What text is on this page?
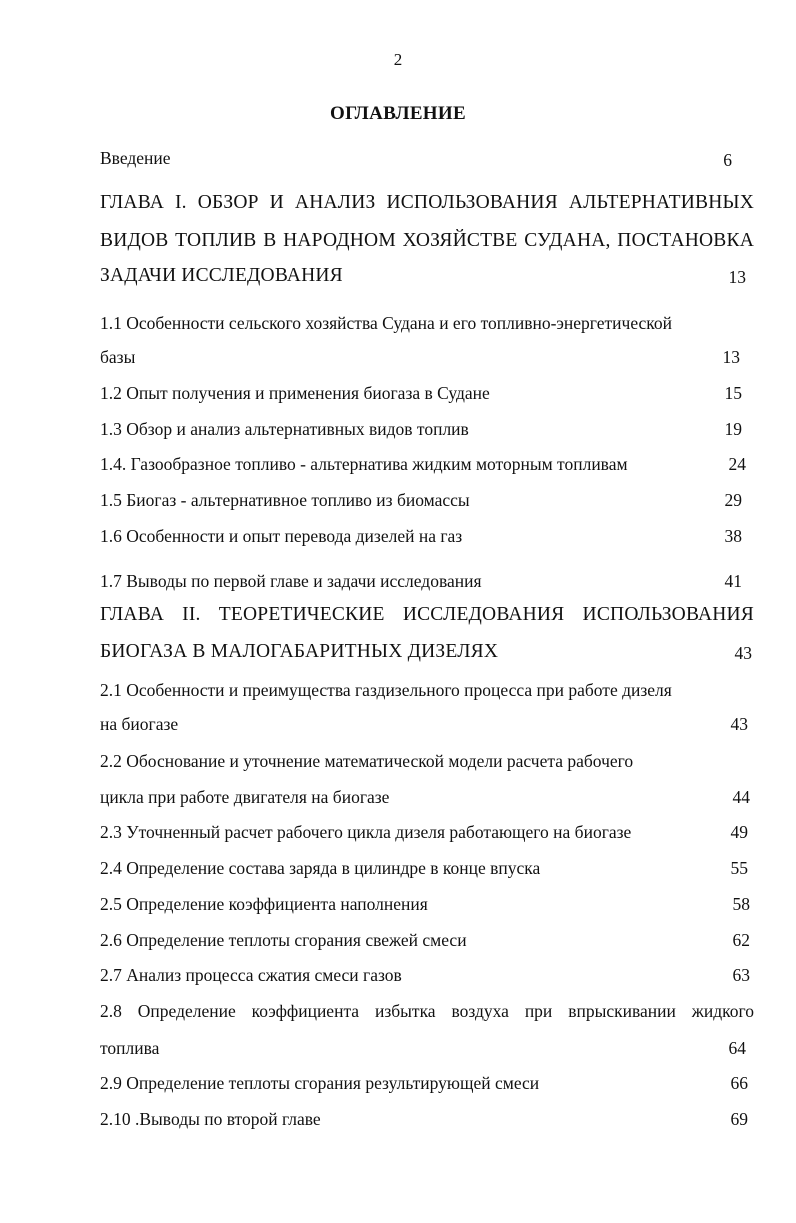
2
ОГЛАВЛЕНИЕ
Введение	6
ГЛАВА I. ОБЗОР И АНАЛИЗ ИСПОЛЬЗОВАНИЯ АЛЬТЕРНАТИВНЫХ
ВИДОВ ТОПЛИВ В НАРОДНОМ ХОЗЯЙСТВЕ СУДАНА, ПОСТАНОВКА
ЗАДАЧИ ИССЛЕДОВАНИЯ	13
1.1 Особенности сельского хозяйства Судана и его топливно-энергетической
базы	13
1.2 Опыт получения и применения биогаза в Судане	15
1.3 Обзор и анализ альтернативных видов топлив	19
1.4. Газообразное топливо - альтернатива жидким моторным топливам	24
1.5 Биогаз - альтернативное топливо из биомассы	29
1.6 Особенности и опыт перевода дизелей на газ	38
1.7 Выводы по первой главе и задачи исследования	41
ГЛАВА II. ТЕОРЕТИЧЕСКИЕ ИССЛЕДОВАНИЯ ИСПОЛЬЗОВАНИЯ
БИОГАЗА В МАЛОГАБАРИТНЫХ ДИЗЕЛЯХ	43
2.1 Особенности и преимущества газдизельного процесса при работе дизеля
на биогазе	43
2.2 Обоснование и уточнение математической модели расчета рабочего
цикла при работе двигателя на биогазе	44
2.3 Уточненный расчет рабочего цикла дизеля работающего на биогазе	49
2.4 Определение состава заряда в цилиндре в конце впуска	55
2.5 Определение коэффициента наполнения	58
2.6 Определение теплоты сгорания свежей смеси	62
2.7 Анализ процесса сжатия смеси газов	63
2.8 Определение коэффициента избытка воздуха при впрыскивании жидкого
топлива	64
2.9 Определение теплоты сгорания результирующей смеси	66
2.10 .Выводы по второй главе	69
